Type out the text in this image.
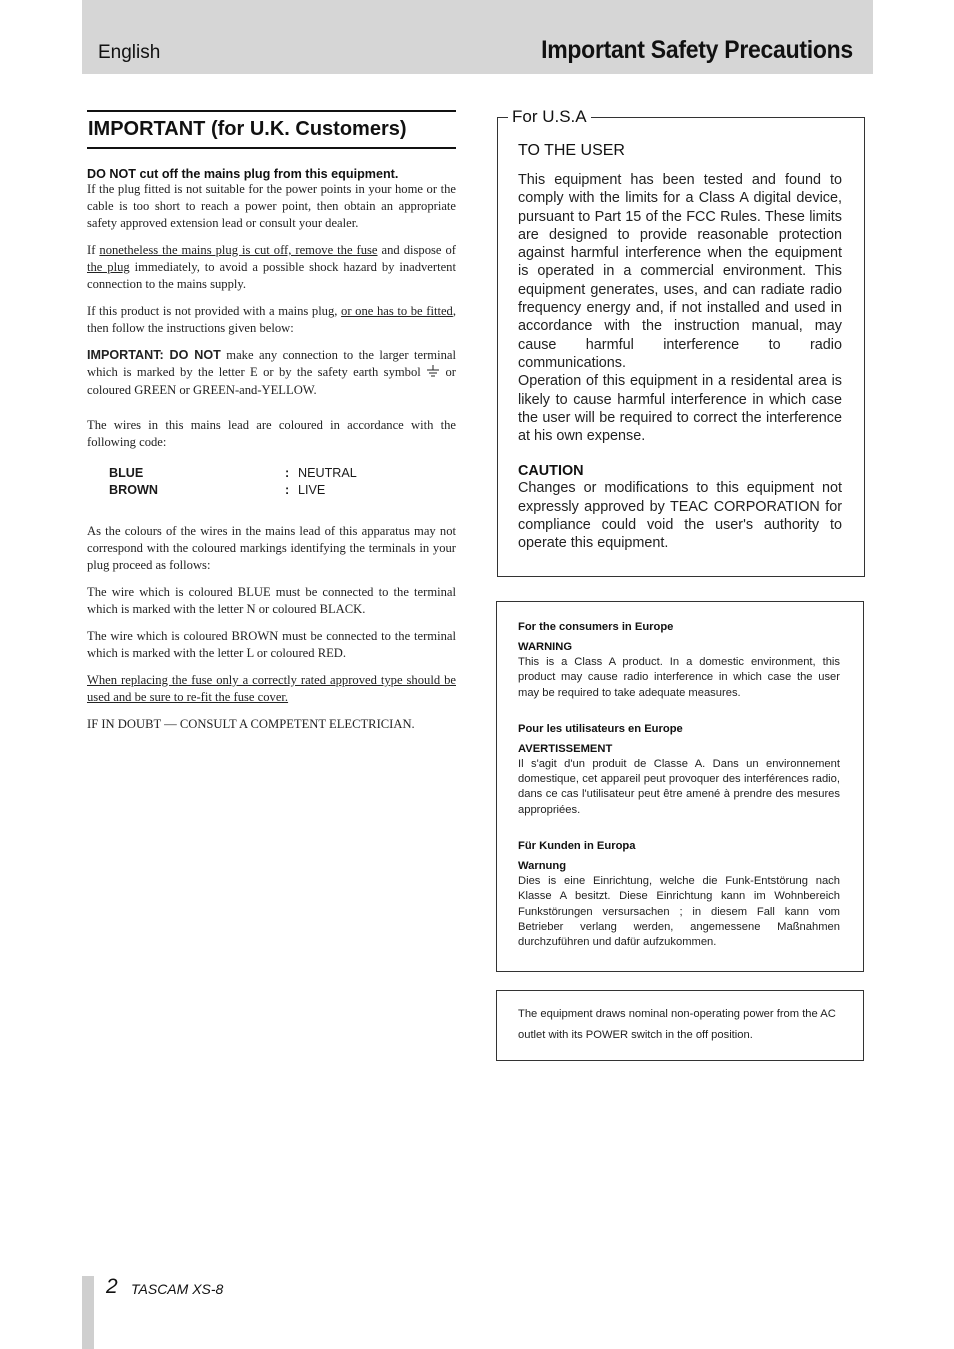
English	Important Safety Precautions
IMPORTANT (for U.K. Customers)
DO NOT cut off the mains plug from this equipment.

If the plug fitted is not suitable for the power points in your home or the cable is too short to reach a power point, then obtain an appropriate safety approved extension lead or consult your dealer.

If nonetheless the mains plug is cut off, remove the fuse and dispose of the plug immediately, to avoid a possible shock hazard by inadvertent connection to the mains supply.

If this product is not provided with a mains plug, or one has to be fitted, then follow the instructions given below:

IMPORTANT: DO NOT make any connection to the larger terminal which is marked by the letter E or by the safety earth symbol  or coloured GREEN or GREEN-and-YELLOW.

The wires in this mains lead are coloured in accordance with the following code:

BLUE	: NEUTRAL
BROWN	: LIVE

As the colours of the wires in the mains lead of this apparatus may not correspond with the coloured markings identifying the terminals in your plug proceed as follows:

The wire which is coloured BLUE must be connected to the terminal which is marked with the letter N or coloured BLACK.

The wire which is coloured BROWN must be connected to the terminal which is marked with the letter L or coloured RED.

When replacing the fuse only a correctly rated approved type should be used and be sure to re-fit the fuse cover.

IF IN DOUBT — CONSULT A COMPETENT ELECTRICIAN.

For U.S.A
TO THE USER

This equipment has been tested and found to comply with the limits for a Class A digital device, pursuant to Part 15 of the FCC Rules. These limits are designed to provide reasonable protection against harmful interference when the equipment is operated in a commercial environment. This equipment generates, uses, and can radiate radio frequency energy and, if not installed and used in accordance with the instruction manual, may cause harmful interference to radio communications.

Operation of this equipment in a residental area is likely to cause harmful interference in which case the user will be required to correct the interference at his own expense.

CAUTION

Changes or modifications to this equipment not expressly approved by TEAC CORPORATION for compliance could void the user's authority to operate this equipment.

For the consumers in Europe
WARNING

This is a Class A product. In a domestic environment, this product may cause radio interference in which case the user may be required to take adequate measures.

Pour les utilisateurs en Europe
AVERTISSEMENT

Il s'agit d'un produit de Classe A. Dans un environnement domestique, cet appareil peut provoquer des interférences radio, dans ce cas l'utilisateur peut être amené à prendre des mesures appropriées.

Für Kunden in Europa
Warnung

Dies is eine Einrichtung, welche die Funk-Entstörung nach Klasse A besitzt. Diese Einrichtung kann im Wohnbereich Funkstörungen versursachen ; in diesem Fall kann vom Betrieber verlang werden, angemessene Maßnahmen durchzuführen und dafür aufzukommen.

The equipment draws nominal non-operating power from the AC outlet with its POWER switch in the off position.

2 TASCAM XS-8
